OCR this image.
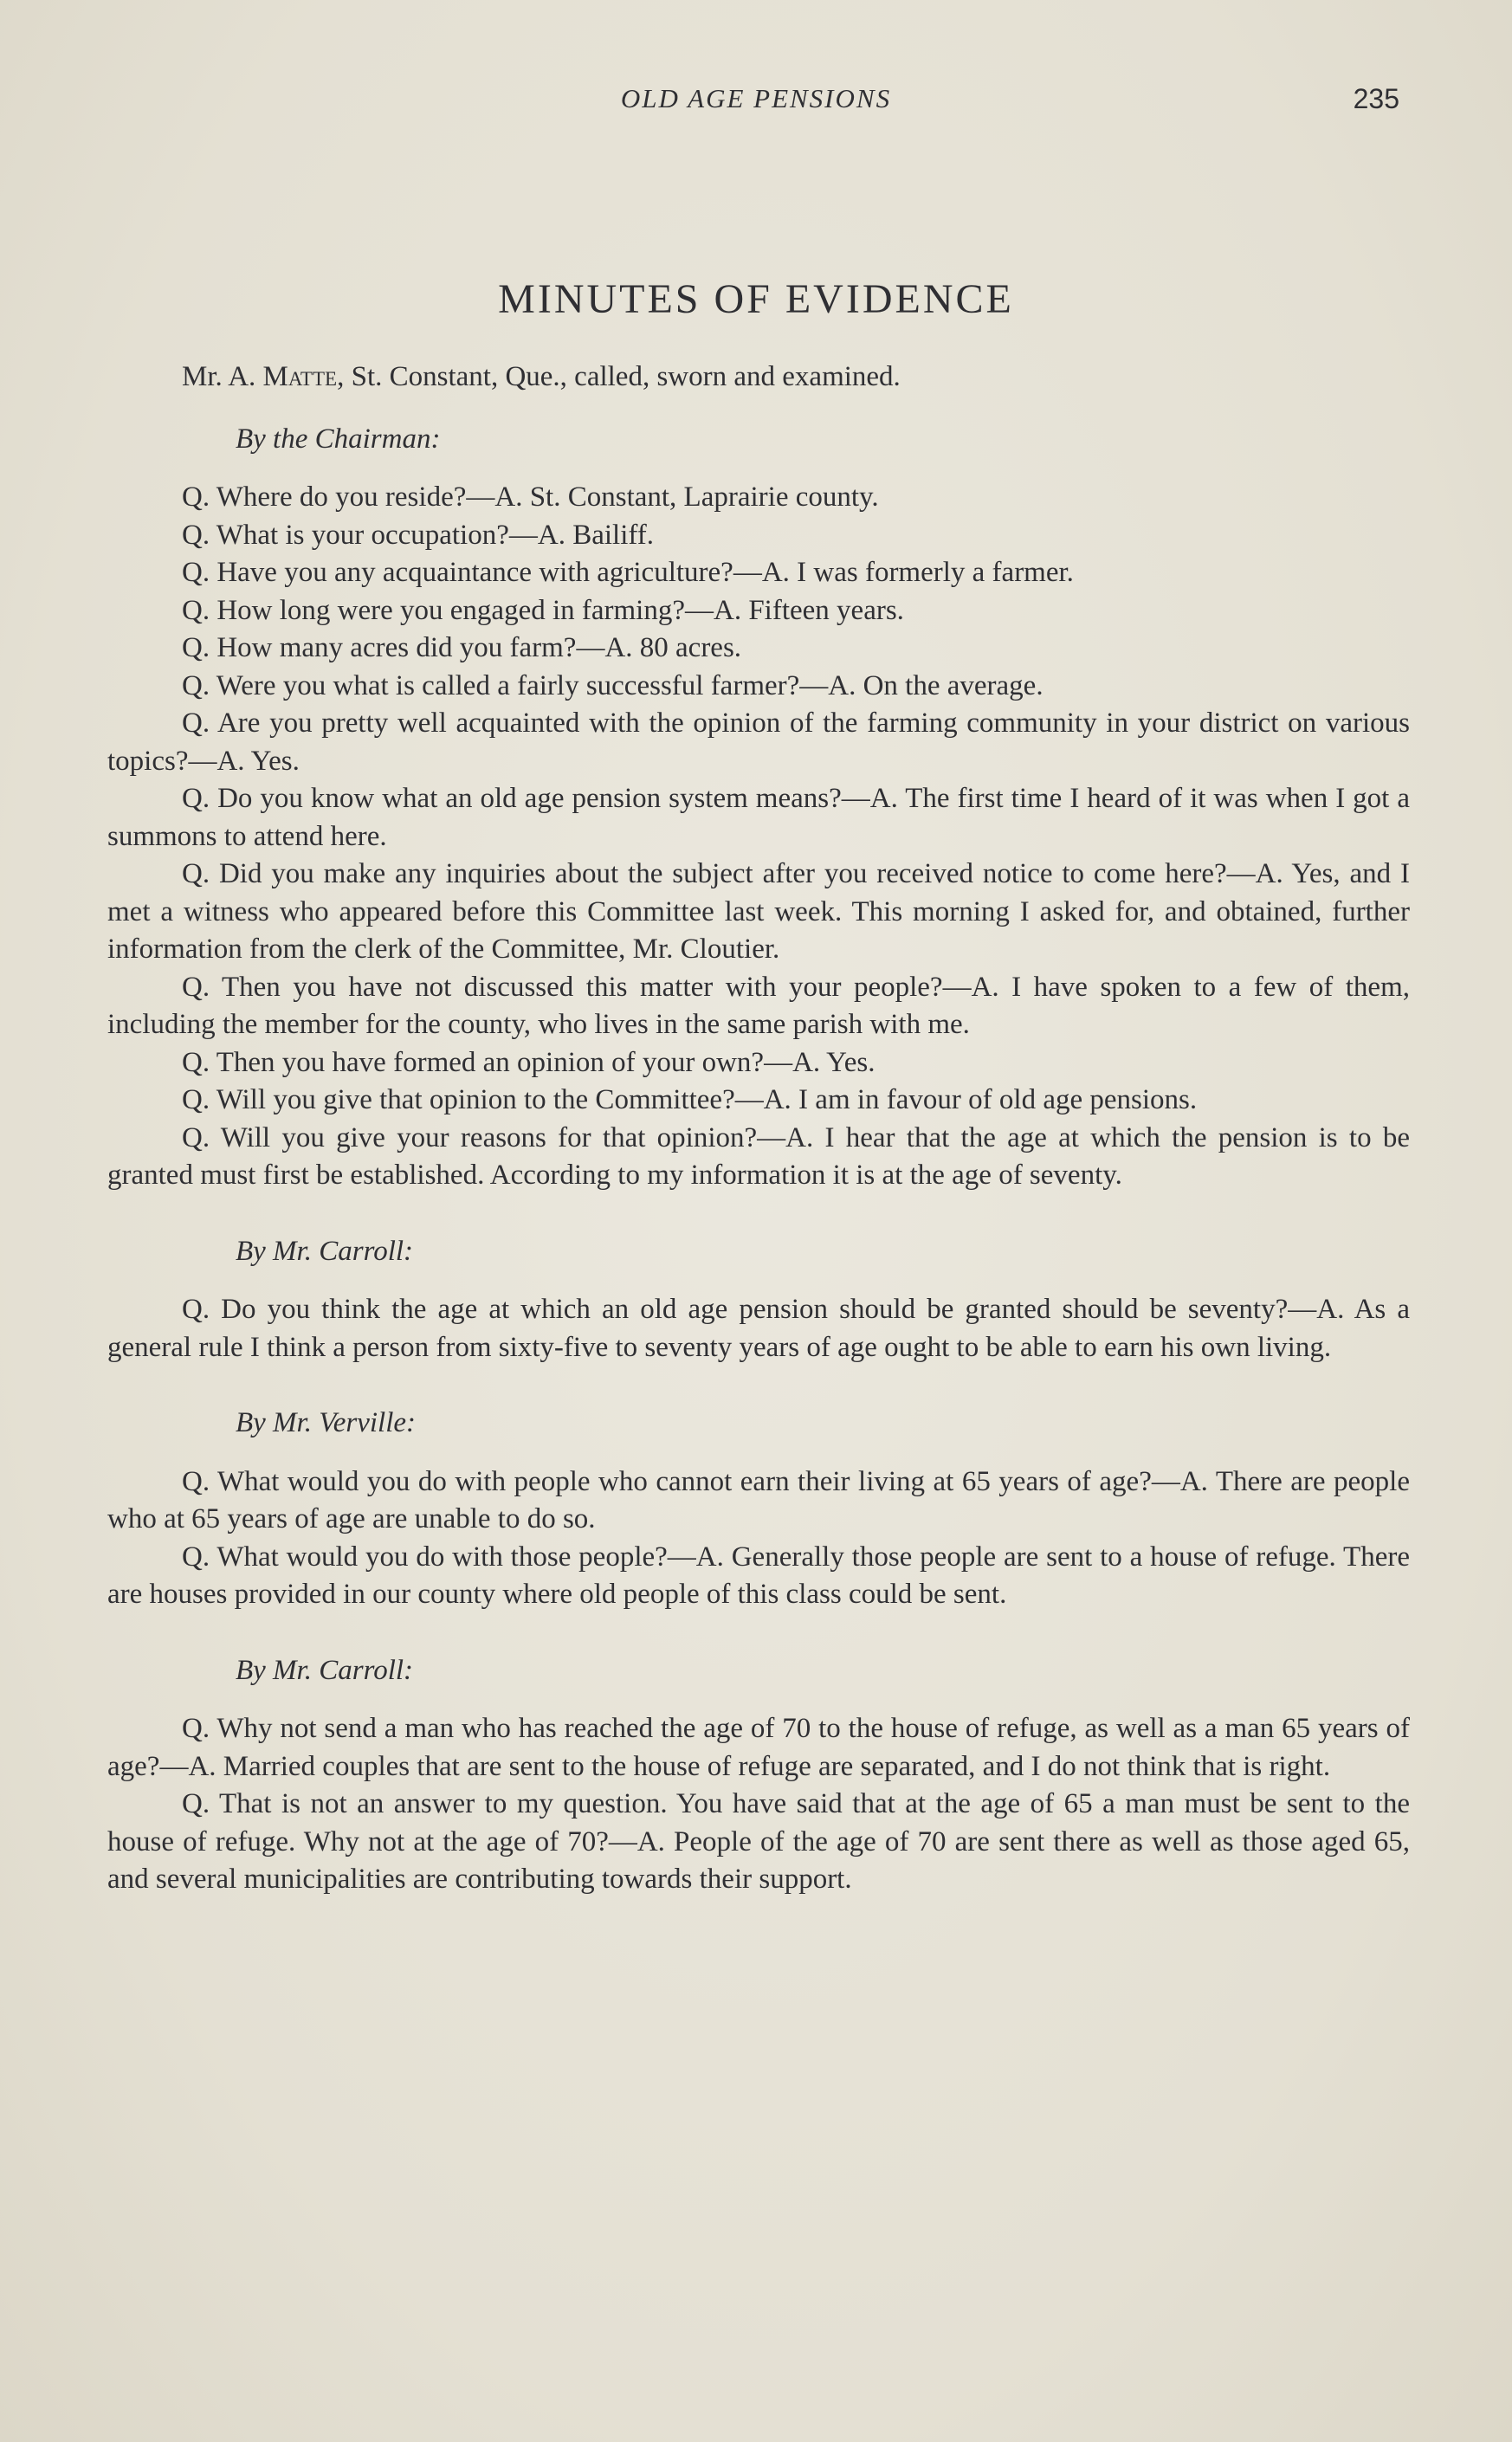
OLD AGE PENSIONS	235
MINUTES OF EVIDENCE

Mr. A. Matte, St. Constant, Que., called, sworn and examined.

By the Chairman:

Q. Where do you reside?—A. St. Constant, Laprairie county.

Q. What is your occupation?—A. Bailiff.

Q. Have you any acquaintance with agriculture?—A. I was formerly a farmer.

Q. How long were you engaged in farming?—A. Fifteen years.

Q. How many acres did you farm?—A. 80 acres.

Q. Were you what is called a fairly successful farmer?—A. On the average.

Q. Are you pretty well acquainted with the opinion of the farming community in your district on various topics?—A. Yes.

Q. Do you know what an old age pension system means?—A. The first time I heard of it was when I got a summons to attend here.

Q. Did you make any inquiries about the subject after you received notice to come here?—A. Yes, and I met a witness who appeared before this Committee last week. This morning I asked for, and obtained, further information from the clerk of the Committee, Mr. Cloutier.

Q. Then you have not discussed this matter with your people?—A. I have spoken to a few of them, including the member for the county, who lives in the same parish with me.

Q. Then you have formed an opinion of your own?—A. Yes.

Q. Will you give that opinion to the Committee?—A. I am in favour of old age pensions.

Q. Will you give your reasons for that opinion?—A. I hear that the age at which the pension is to be granted must first be established. According to my information it is at the age of seventy.

By Mr. Carroll:

Q. Do you think the age at which an old age pension should be granted should be seventy?—A. As a general rule I think a person from sixty-five to seventy years of age ought to be able to earn his own living.

By Mr. Verville:

Q. What would you do with people who cannot earn their living at 65 years of age?—A. There are people who at 65 years of age are unable to do so.

Q. What would you do with those people?—A. Generally those people are sent to a house of refuge. There are houses provided in our county where old people of this class could be sent.

By Mr. Carroll:

Q. Why not send a man who has reached the age of 70 to the house of refuge, as well as a man 65 years of age?—A. Married couples that are sent to the house of refuge are separated, and I do not think that is right.

Q. That is not an answer to my question. You have said that at the age of 65 a man must be sent to the house of refuge. Why not at the age of 70?—A. People of the age of 70 are sent there as well as those aged 65, and several municipalities are contributing towards their support.
